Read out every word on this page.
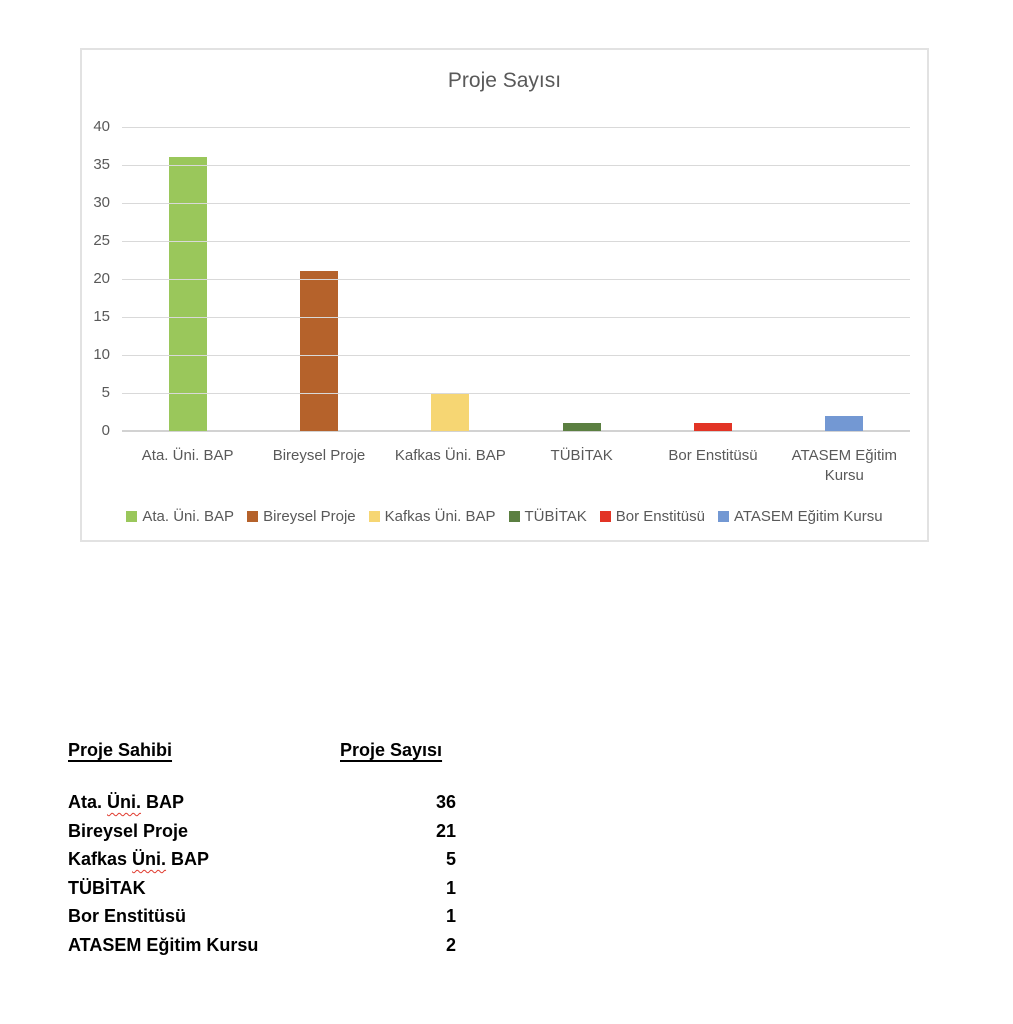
Proje Sayısı
0
5
10
15
20
25
30
35
40
Ata. Üni. BAP	Bireysel Proje	Kafkas Üni. BAP	TÜBİTAK	Bor Enstitüsü	ATASEM Eğitim Kursu
Ata. Üni. BAP Bireysel Proje Kafkas Üni. BAP TÜBİTAK Bor Enstitüsü ATASEM Eğitim Kursu
Proje Sahibi	Proje Sayısı
Ata. Üni. BAP	36
Bireysel Proje	21
Kafkas Üni. BAP	5
TÜBİTAK	1
Bor Enstitüsü	1
ATASEM Eğitim Kursu	2
